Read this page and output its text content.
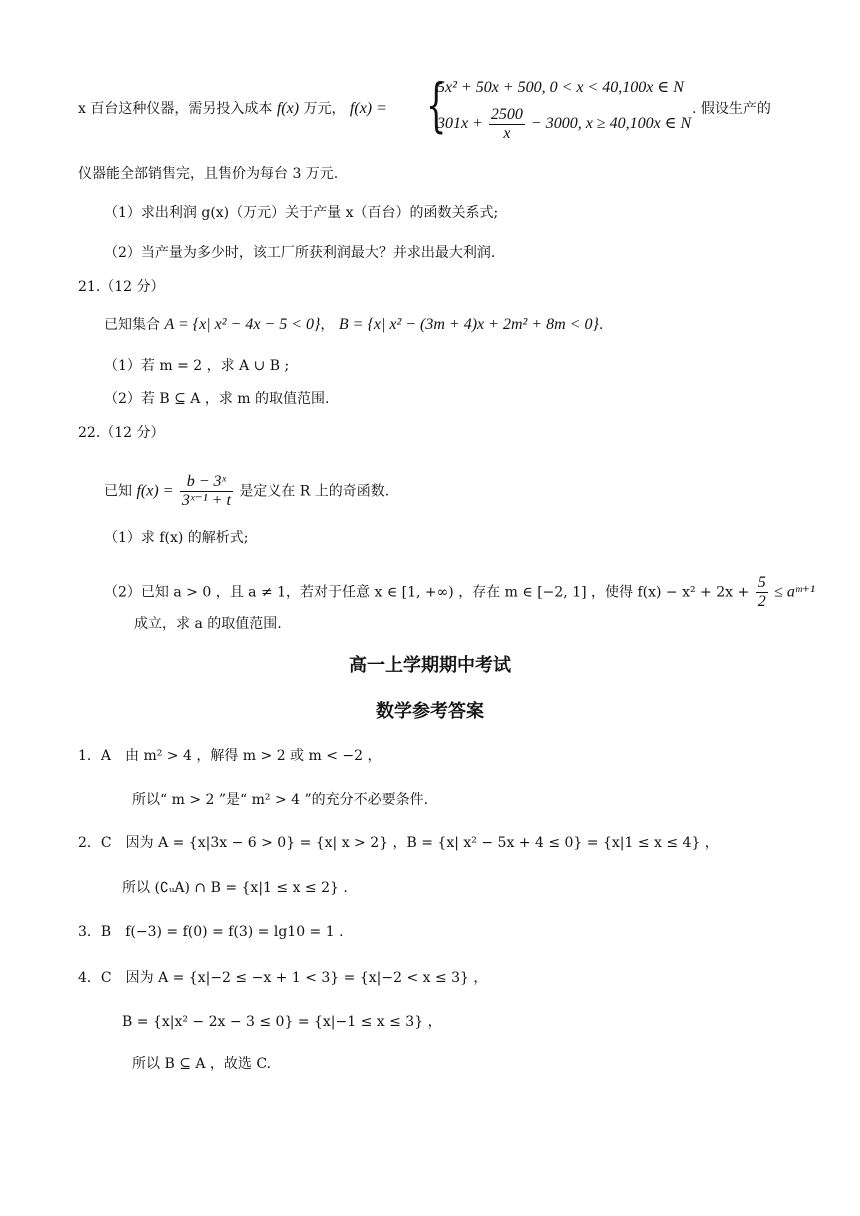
x 百台这种仪器，需另投入成本 f(x) 万元， f(x) = {
5x² + 50x + 500, 0 < x < 40,100x ∈ N
$301x + \frac{2500}{x} - 3000$, x ≥ 40,100x ∈ N
. 假设生产的
仪器能全部销售完，且售价为每台 3 万元.
（1）求出利润 g(x)（万元）关于产量 x（百台）的函数关系式;
（2）当产量为多少时，该工厂所获利润最大？并求出最大利润.
21.（12 分）
已知集合 A = {x| x² − 4x − 5 < 0}， B = {x| x² − (3m + 4)x + 2m² + 8m < 0}.
（1）若 m = 2 ，求 A ∪ B ;
（2）若 B ⊆ A ，求 m 的取值范围.
22.（12 分）
已知 $f(x) = \frac{\text{b − 3ˣ}}{\text{3ˣ⁻¹ + t}}$ 是定义在 R 上的奇函数.
（1）求 f(x) 的解析式;
（2）已知 a > 0 ，且 a ≠ 1，若对于任意 x ∈ [1, +∞) ，存在 m ∈ [−2, 1] ，使得 $f(x) - x^2 + 2x + \frac{5}{2}$ ≤ aᵐ⁺¹
成立，求 a 的取值范围.
高一上学期期中考试
数学参考答案
1．A　由 m² > 4 ，解得 m > 2 或 m < −2 ，
所以“ m > 2 ”是“ m² > 4 ”的充分不必要条件.
2．C　因为 A = {x|3x − 6 > 0} = {x| x > 2} ，B = {x| x² − 5x + 4 ≤ 0} = {x|1 ≤ x ≤ 4} ，
所以 (∁ᵤA) ∩ B = {x|1 ≤ x ≤ 2} .
3．B　f(−3) = f(0) = f(3) = lg10 = 1 .
4．C　因为 A = {x|−2 ≤ −x + 1 < 3} = {x|−2 < x ≤ 3} ，
B = {x|x² − 2x − 3 ≤ 0} = {x|−1 ≤ x ≤ 3} ，
所以 B ⊆ A ，故选 C.
